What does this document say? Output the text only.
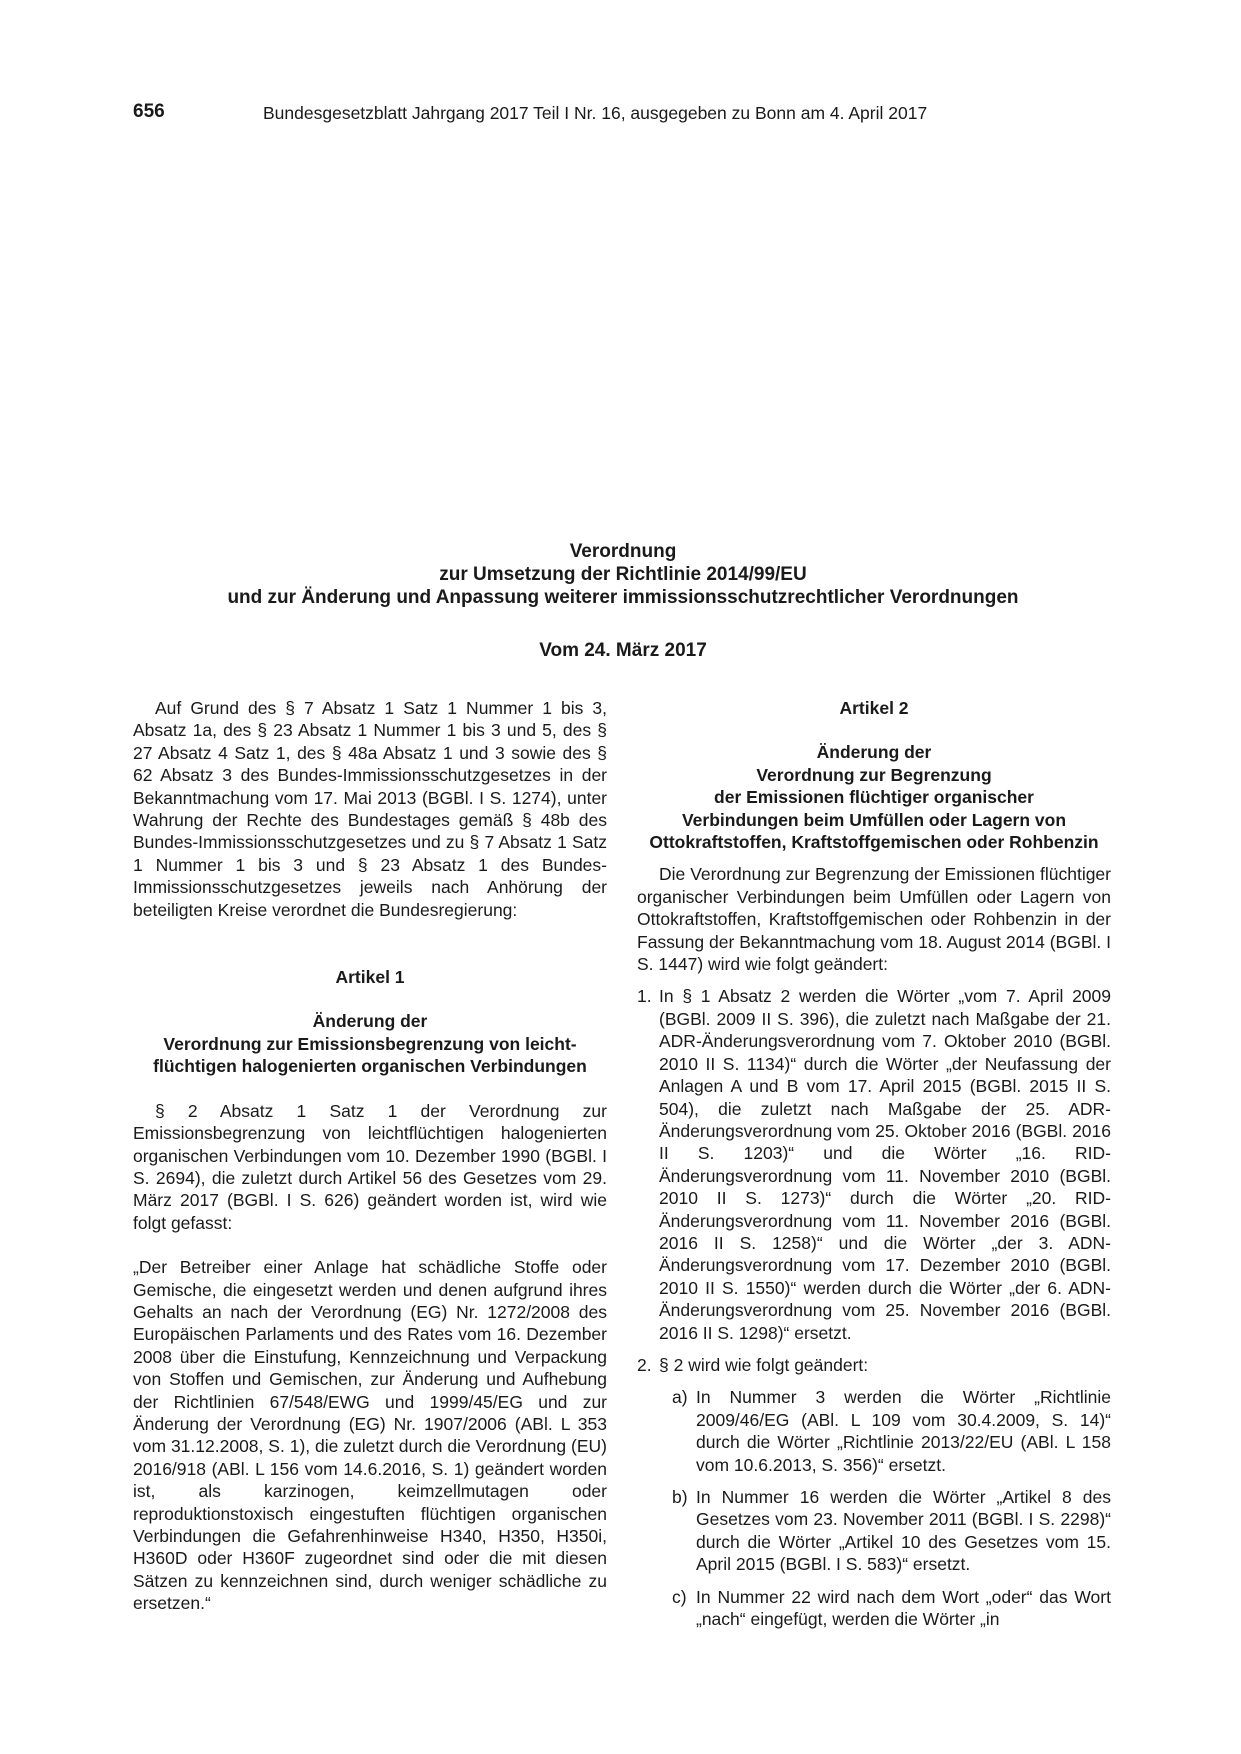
656	Bundesgesetzblatt Jahrgang 2017 Teil I Nr. 16, ausgegeben zu Bonn am 4. April 2017
Verordnung
zur Umsetzung der Richtlinie 2014/99/EU
und zur Änderung und Anpassung weiterer immissionsschutzrechtlicher Verordnungen
Vom 24. März 2017

Auf Grund des § 7 Absatz 1 Satz 1 Nummer 1 bis 3, Absatz 1a, des § 23 Absatz 1 Nummer 1 bis 3 und 5, des § 27 Absatz 4 Satz 1, des § 48a Absatz 1 und 3 sowie des § 62 Absatz 3 des Bundes-Immissionsschutzgesetzes in der Bekanntmachung vom 17. Mai 2013 (BGBl. I S. 1274), unter Wahrung der Rechte des Bundestages gemäß § 48b des Bundes-Immissionsschutzgesetzes und zu § 7 Absatz 1 Satz 1 Nummer 1 bis 3 und § 23 Absatz 1 des Bundes-Immissionsschutzgesetzes jeweils nach Anhörung der beteiligten Kreise verordnet die Bundesregierung:

Artikel 1
Änderung der
Verordnung zur Emissionsbegrenzung von leicht-
flüchtigen halogenierten organischen Verbindungen

§ 2 Absatz 1 Satz 1 der Verordnung zur Emissionsbegrenzung von leichtflüchtigen halogenierten organischen Verbindungen vom 10. Dezember 1990 (BGBl. I S. 2694), die zuletzt durch Artikel 56 des Gesetzes vom 29. März 2017 (BGBl. I S. 626) geändert worden ist, wird wie folgt gefasst:

„Der Betreiber einer Anlage hat schädliche Stoffe oder Gemische, die eingesetzt werden und denen aufgrund ihres Gehalts an nach der Verordnung (EG) Nr. 1272/2008 des Europäischen Parlaments und des Rates vom 16. Dezember 2008 über die Einstufung, Kennzeichnung und Verpackung von Stoffen und Gemischen, zur Änderung und Aufhebung der Richtlinien 67/548/EWG und 1999/45/EG und zur Änderung der Verordnung (EG) Nr. 1907/2006 (ABl. L 353 vom 31.12.2008, S. 1), die zuletzt durch die Verordnung (EU) 2016/918 (ABl. L 156 vom 14.6.2016, S. 1) geändert worden ist, als karzinogen, keimzellmutagen oder reproduktionstoxisch eingestuften flüchtigen organischen Verbindungen die Gefahrenhinweise H340, H350, H350i, H360D oder H360F zugeordnet sind oder die mit diesen Sätzen zu kennzeichnen sind, durch weniger schädliche zu ersetzen.“

Artikel 2
Änderung der
Verordnung zur Begrenzung
der Emissionen flüchtiger organischer
Verbindungen beim Umfüllen oder Lagern von
Ottokraftstoffen, Kraftstoffgemischen oder Rohbenzin

Die Verordnung zur Begrenzung der Emissionen flüchtiger organischer Verbindungen beim Umfüllen oder Lagern von Ottokraftstoffen, Kraftstoffgemischen oder Rohbenzin in der Fassung der Bekanntmachung vom 18. August 2014 (BGBl. I S. 1447) wird wie folgt geändert:

1. In § 1 Absatz 2 werden die Wörter „vom 7. April 2009 (BGBl. 2009 II S. 396), die zuletzt nach Maßgabe der 21. ADR-Änderungsverordnung vom 7. Oktober 2010 (BGBl. 2010 II S. 1134)“ durch die Wörter „der Neufassung der Anlagen A und B vom 17. April 2015 (BGBl. 2015 II S. 504), die zuletzt nach Maßgabe der 25. ADR-Änderungsverordnung vom 25. Oktober 2016 (BGBl. 2016 II S. 1203)“ und die Wörter „16. RID-Änderungsverordnung vom 11. November 2010 (BGBl. 2010 II S. 1273)“ durch die Wörter „20. RID-Änderungsverordnung vom 11. November 2016 (BGBl. 2016 II S. 1258)“ und die Wörter „der 3. ADN-Änderungsverordnung vom 17. Dezember 2010 (BGBl. 2010 II S. 1550)“ werden durch die Wörter „der 6. ADN-Änderungsverordnung vom 25. November 2016 (BGBl. 2016 II S. 1298)“ ersetzt.
2. § 2 wird wie folgt geändert:
a) In Nummer 3 werden die Wörter „Richtlinie 2009/46/EG (ABl. L 109 vom 30.4.2009, S. 14)“ durch die Wörter „Richtlinie 2013/22/EU (ABl. L 158 vom 10.6.2013, S. 356)“ ersetzt.
b) In Nummer 16 werden die Wörter „Artikel 8 des Gesetzes vom 23. November 2011 (BGBl. I S. 2298)“ durch die Wörter „Artikel 10 des Gesetzes vom 15. April 2015 (BGBl. I S. 583)“ ersetzt.
c) In Nummer 22 wird nach dem Wort „oder“ das Wort „nach“ eingefügt, werden die Wörter „in
